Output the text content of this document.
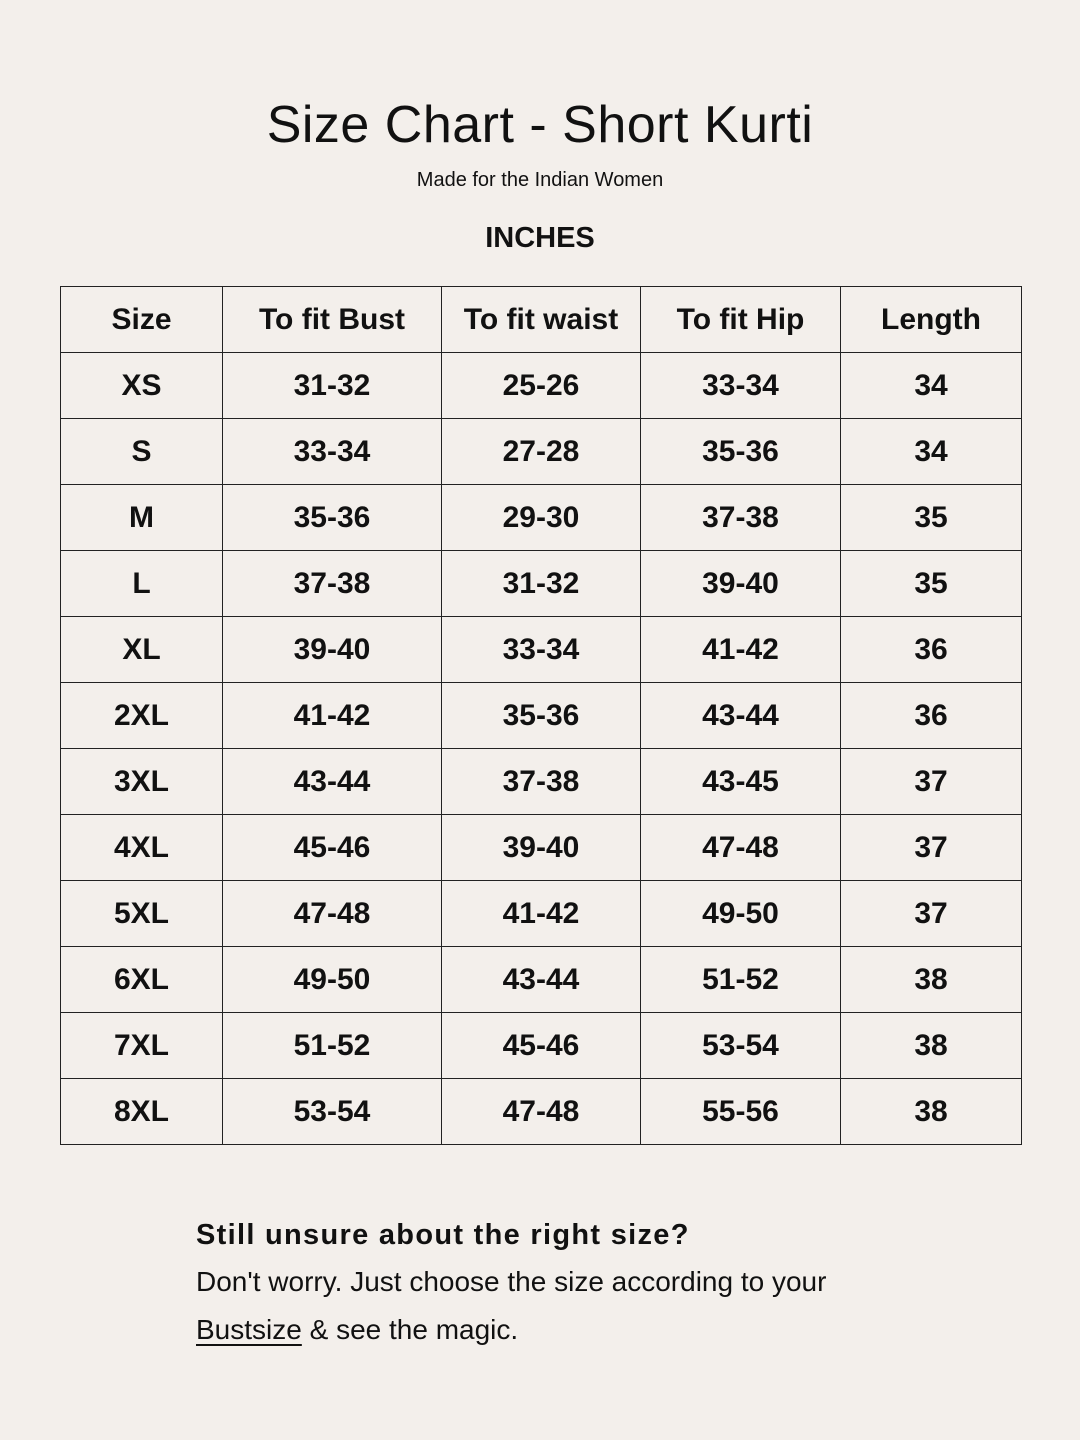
Size Chart - Short Kurti
Made for the Indian Women
INCHES
Size	To fit Bust	To fit waist	To fit Hip	Length
XS	31-32	25-26	33-34	34
S	33-34	27-28	35-36	34
M	35-36	29-30	37-38	35
L	37-38	31-32	39-40	35
XL	39-40	33-34	41-42	36
2XL	41-42	35-36	43-44	36
3XL	43-44	37-38	43-45	37
4XL	45-46	39-40	47-48	37
5XL	47-48	41-42	49-50	37
6XL	49-50	43-44	51-52	38
7XL	51-52	45-46	53-54	38
8XL	53-54	47-48	55-56	38
Still unsure about the right size?
Don't worry. Just choose the size according to your
Bustsize & see the magic.
